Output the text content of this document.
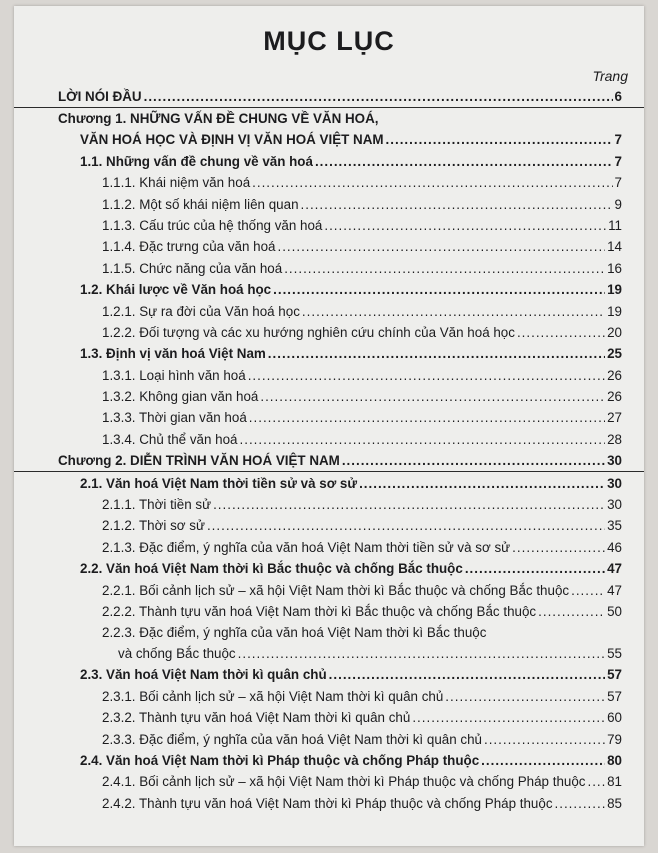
MỤC LỤC
Trang
LỜI NÓI ĐẦU .....	6
Chương 1. NHỮNG VẤN ĐỀ CHUNG VỀ VĂN HOÁ,
VĂN HOÁ HỌC VÀ ĐỊNH VỊ VĂN HOÁ VIỆT NAM .....	7
1.1. Những vấn đề chung về văn hoá .....	7
1.1.1. Khái niệm văn hoá .....	7
1.1.2. Một số khái niệm liên quan .....	9
1.1.3. Cấu trúc của hệ thống văn hoá .....	11
1.1.4. Đặc trưng của văn hoá .....	14
1.1.5. Chức năng của văn hoá .....	16
1.2. Khái lược về Văn hoá học .....	19
1.2.1. Sự ra đời của Văn hoá học .....	19
1.2.2. Đối tượng và các xu hướng nghiên cứu chính của Văn hoá học .....	20
1.3. Định vị văn hoá Việt Nam .....	25
1.3.1. Loại hình văn hoá .....	26
1.3.2. Không gian văn hoá .....	26
1.3.3. Thời gian văn hoá .....	27
1.3.4. Chủ thể văn hoá .....	28
Chương 2. DIỄN TRÌNH VĂN HOÁ VIỆT NAM .....	30
2.1. Văn hoá Việt Nam thời tiền sử và sơ sử .....	30
2.1.1. Thời tiền sử .....	30
2.1.2. Thời sơ sử .....	35
2.1.3. Đặc điểm, ý nghĩa của văn hoá Việt Nam thời tiền sử và sơ sử .....	46
2.2. Văn hoá Việt Nam thời kì Bắc thuộc và chống Bắc thuộc .....	47
2.2.1. Bối cảnh lịch sử – xã hội Việt Nam thời kì Bắc thuộc và chống Bắc thuộc .....	47
2.2.2. Thành tựu văn hoá Việt Nam thời kì Bắc thuộc và chống Bắc thuộc .....	50
2.2.3. Đặc điểm, ý nghĩa của văn hoá Việt Nam thời kì Bắc thuộc
và chống Bắc thuộc .....	55
2.3. Văn hoá Việt Nam thời kì quân chủ .....	57
2.3.1. Bối cảnh lịch sử – xã hội Việt Nam thời kì quân chủ .....	57
2.3.2. Thành tựu văn hoá Việt Nam thời kì quân chủ .....	60
2.3.3. Đặc điểm, ý nghĩa của văn hoá Việt Nam thời kì quân chủ .....	79
2.4. Văn hoá Việt Nam thời kì Pháp thuộc và chống Pháp thuộc .....	80
2.4.1. Bối cảnh lịch sử – xã hội Việt Nam thời kì Pháp thuộc và chống Pháp thuộc ..... 81
2.4.2. Thành tựu văn hoá Việt Nam thời kì Pháp thuộc và chống Pháp thuộc .....	85
